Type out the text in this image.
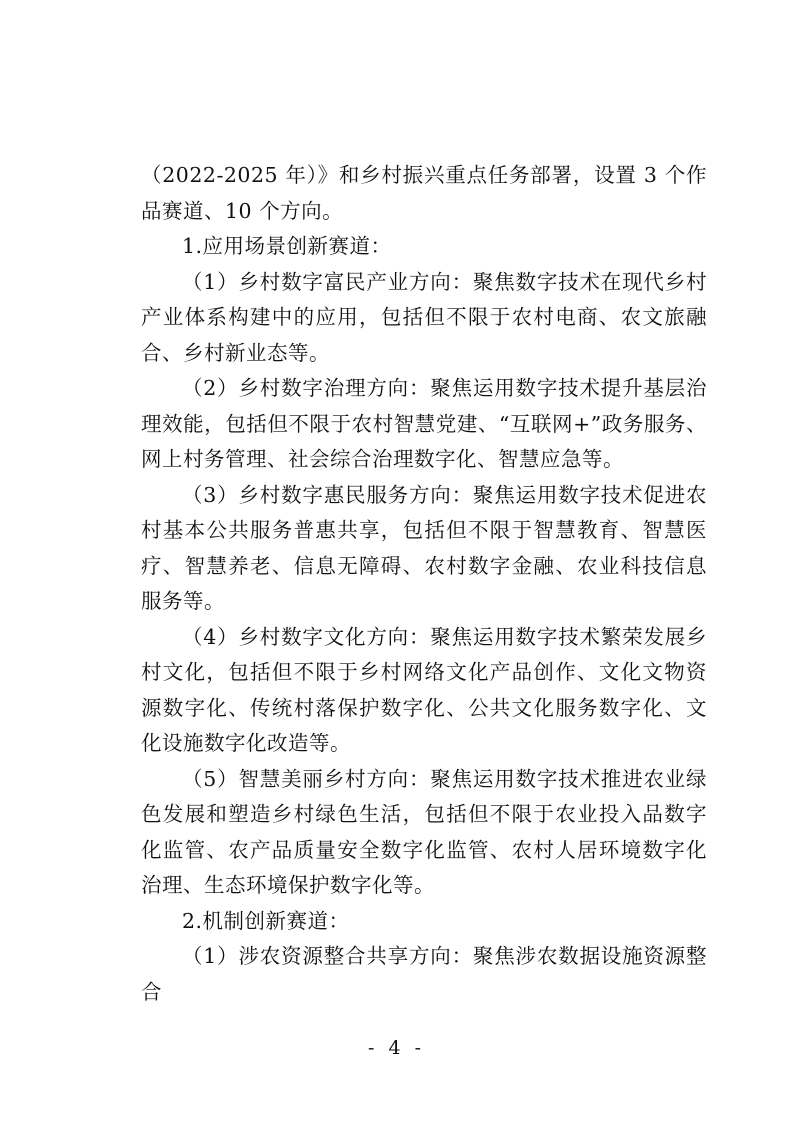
（2022-2025 年）》和乡村振兴重点任务部署，设置 3 个作品赛道、10 个方向。

1.应用场景创新赛道：

（1）乡村数字富民产业方向：聚焦数字技术在现代乡村产业体系构建中的应用，包括但不限于农村电商、农文旅融合、乡村新业态等。

（2）乡村数字治理方向：聚焦运用数字技术提升基层治理效能，包括但不限于农村智慧党建、“互联网+”政务服务、网上村务管理、社会综合治理数字化、智慧应急等。

（3）乡村数字惠民服务方向：聚焦运用数字技术促进农村基本公共服务普惠共享，包括但不限于智慧教育、智慧医疗、智慧养老、信息无障碍、农村数字金融、农业科技信息服务等。

（4）乡村数字文化方向：聚焦运用数字技术繁荣发展乡村文化，包括但不限于乡村网络文化产品创作、文化文物资源数字化、传统村落保护数字化、公共文化服务数字化、文化设施数字化改造等。

（5）智慧美丽乡村方向：聚焦运用数字技术推进农业绿色发展和塑造乡村绿色生活，包括但不限于农业投入品数字化监管、农产品质量安全数字化监管、农村人居环境数字化治理、生态环境保护数字化等。

2.机制创新赛道：

（1）涉农资源整合共享方向：聚焦涉农数据设施资源整合

- 4 -
